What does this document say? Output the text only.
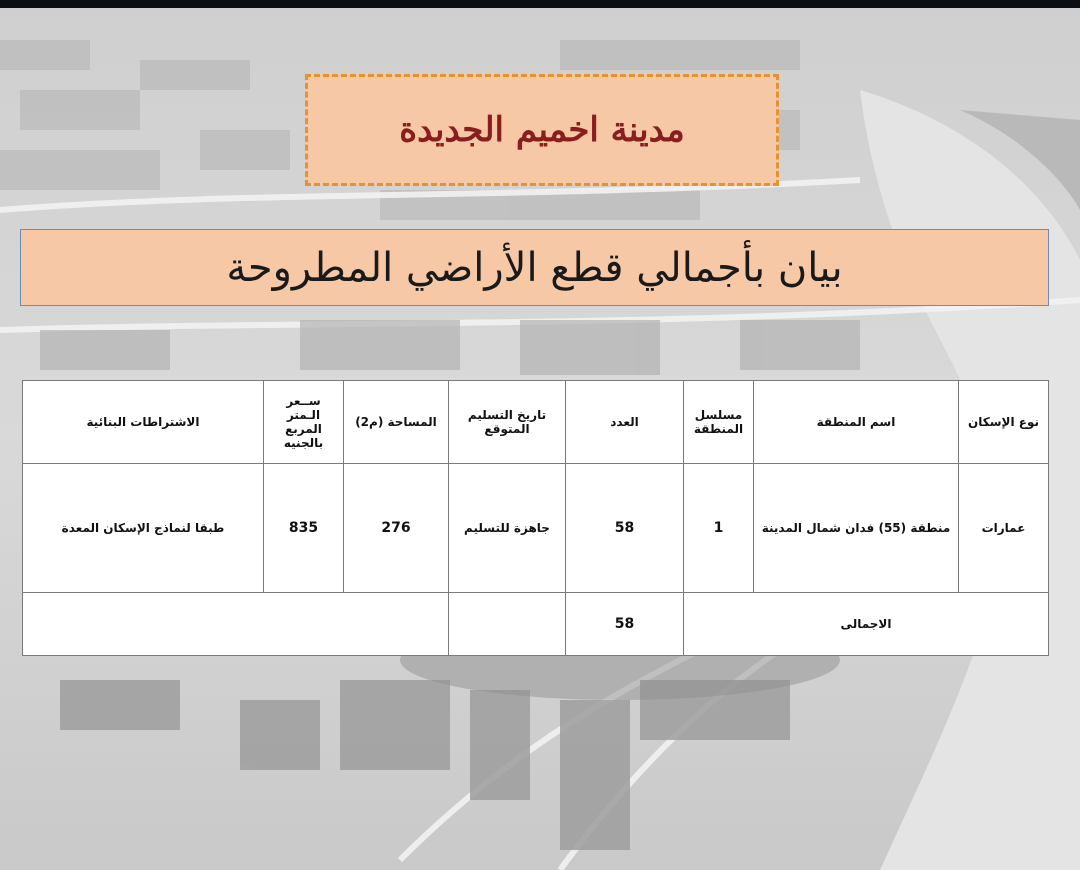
مدينة اخميم الجديدة
بيان بأجمالي قطع الأراضي المطروحة
نوع الإسكان	اسم المنطقة	مسلسل المنطقة	العدد	تاريخ التسليم المتوقع	المساحة (م2)	ســعر الـمتر المربع بالجنيه	الاشتراطات البنائية
عمارات	منطقة (55) فدان شمال المدينة	1	58	جاهزة للتسليم	276	835	طبقا لنماذج الإسكان المعدة
الاجمالى			58				
